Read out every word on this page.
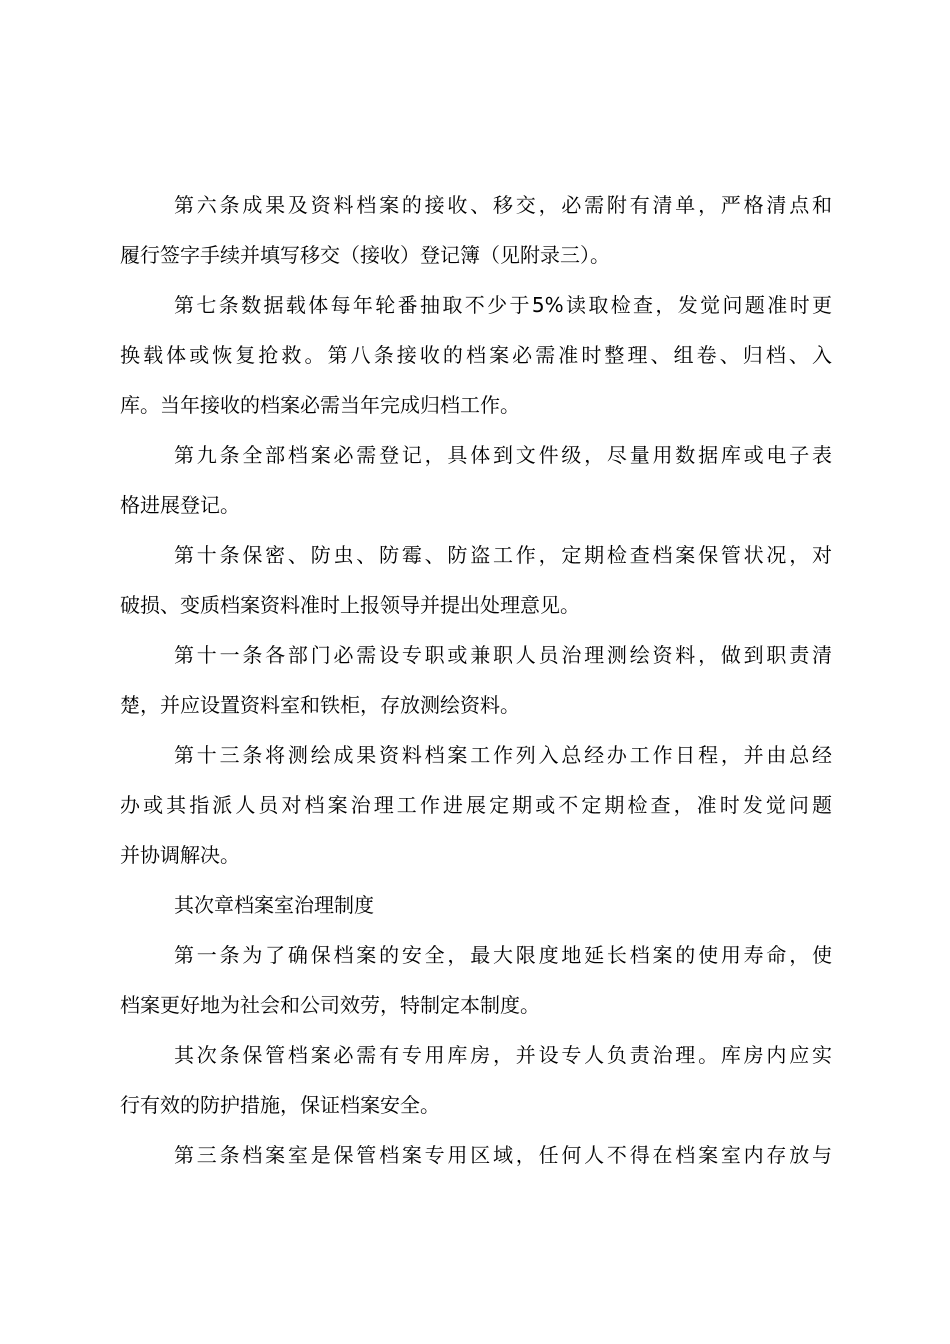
第六条成果及资料档案的接收、移交，必需附有清单，严格清点和
履行签字手续并填写移交（接收）登记簿（见附录三）。
第七条数据载体每年轮番抽取不少于5%读取检查，发觉问题准时更
换载体或恢复抢救。第八条接收的档案必需准时整理、组卷、归档、入
库。当年接收的档案必需当年完成归档工作。
第九条全部档案必需登记，具体到文件级，尽量用数据库或电子表
格进展登记。
第十条保密、防虫、防霉、防盗工作，定期检查档案保管状况，对
破损、变质档案资料准时上报领导并提出处理意见。
第十一条各部门必需设专职或兼职人员治理测绘资料，做到职责清
楚，并应设置资料室和铁柜，存放测绘资料。
第十三条将测绘成果资料档案工作列入总经办工作日程，并由总经
办或其指派人员对档案治理工作进展定期或不定期检查，准时发觉问题
并协调解决。
其次章档案室治理制度
第一条为了确保档案的安全，最大限度地延长档案的使用寿命，使
档案更好地为社会和公司效劳，特制定本制度。
其次条保管档案必需有专用库房，并设专人负责治理。库房内应实
行有效的防护措施，保证档案安全。
第三条档案室是保管档案专用区域，任何人不得在档案室内存放与
